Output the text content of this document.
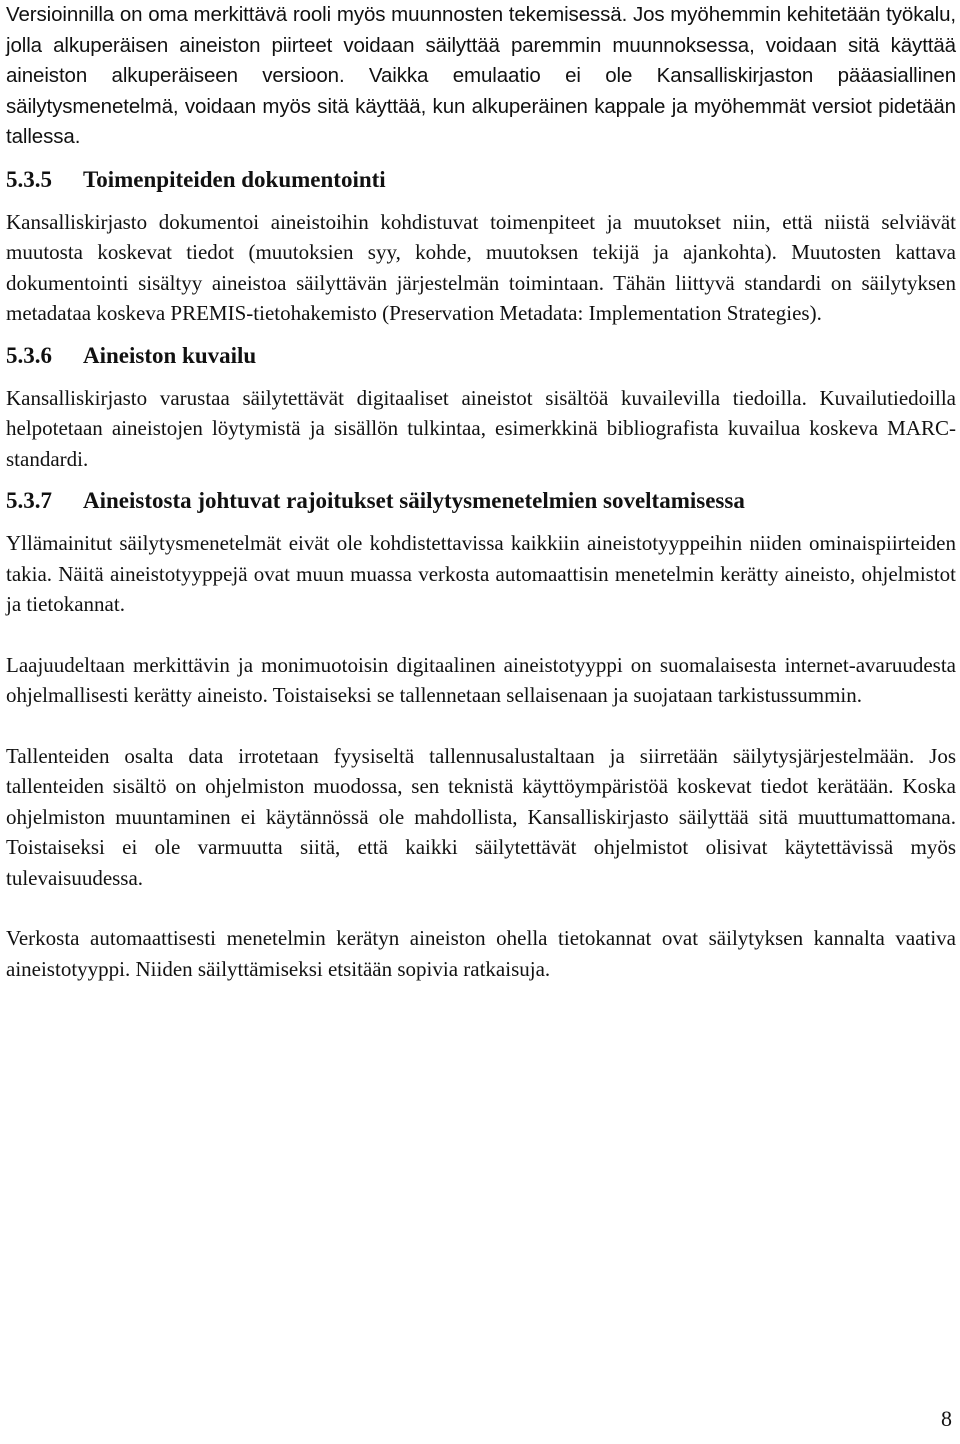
Versioinnilla on oma merkittävä rooli myös muunnosten tekemisessä. Jos myöhemmin kehitetään työkalu, jolla alkuperäisen aineiston piirteet voidaan säilyttää paremmin muunnoksessa, voidaan sitä käyttää aineiston alkuperäiseen versioon. Vaikka emulaatio ei ole Kansalliskirjaston pääasiallinen säilytysmenetelmä, voidaan myös sitä käyttää, kun alkuperäinen kappale ja myöhemmät versiot pidetään tallessa.

5.3.5	Toimenpiteiden dokumentointi

Kansalliskirjasto dokumentoi aineistoihin kohdistuvat toimenpiteet ja muutokset niin, että niistä selviävät muutosta koskevat tiedot (muutoksien syy, kohde, muutoksen tekijä ja ajankohta). Muutosten kattava dokumentointi sisältyy aineistoa säilyttävän järjestelmän toimintaan. Tähän liittyvä standardi on säilytyksen metadataa koskeva PREMIS-tietohakemisto (Preservation Metadata: Implementation Strategies).

5.3.6	Aineiston kuvailu

Kansalliskirjasto varustaa säilytettävät digitaaliset aineistot sisältöä kuvailevilla tiedoilla. Kuvailutiedoilla helpotetaan aineistojen löytymistä ja sisällön tulkintaa, esimerkkinä bibliografista kuvailua koskeva MARC-standardi.

5.3.7	Aineistosta johtuvat rajoitukset säilytysmenetelmien soveltamisessa

Yllämainitut säilytysmenetelmät eivät ole kohdistettavissa kaikkiin aineistotyyppeihin niiden ominaispiirteiden takia. Näitä aineistotyyppejä ovat muun muassa verkosta automaattisin menetelmin kerätty aineisto, ohjelmistot ja tietokannat.

Laajuudeltaan merkittävin ja monimuotoisin digitaalinen aineistotyyppi on suomalaisesta internet-avaruudesta ohjelmallisesti kerätty aineisto. Toistaiseksi se tallennetaan sellaisenaan ja suojataan tarkistussummin.

Tallenteiden osalta data irrotetaan fyysiseltä tallennusalustaltaan ja siirretään säilytysjärjestelmään. Jos tallenteiden sisältö on ohjelmiston muodossa, sen teknistä käyttöympäristöä koskevat tiedot kerätään. Koska ohjelmiston muuntaminen ei käytännössä ole mahdollista, Kansalliskirjasto säilyttää sitä muuttumattomana. Toistaiseksi ei ole varmuutta siitä, että kaikki säilytettävät ohjelmistot olisivat käytettävissä myös tulevaisuudessa.

Verkosta automaattisesti menetelmin kerätyn aineiston ohella tietokannat ovat säilytyksen kannalta vaativa aineistotyyppi. Niiden säilyttämiseksi etsitään sopivia ratkaisuja.

8
